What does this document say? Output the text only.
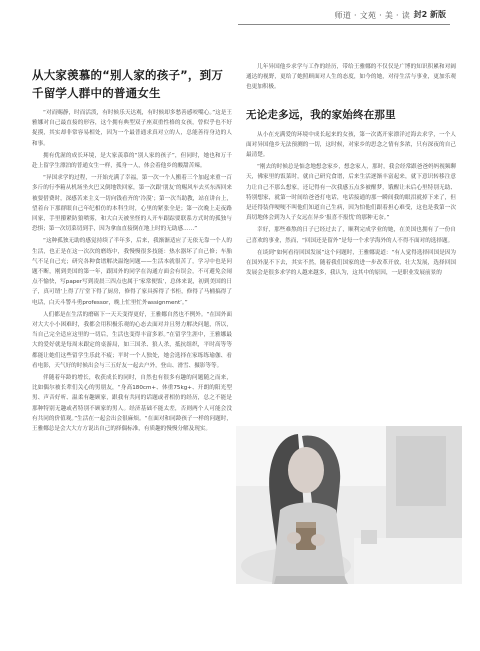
师道 · 文苑 · 美 · 读 封2 新版
从大家羡慕的“别人家的孩子”，到万千留学人群中的普通女生

“对而赐静，时而活泼，有时候乐天达观，有时候却多愁善感咬嘴心。”这是王雅娜对自己最直接的形容，这个拥有典型双子座双重性格的女孩，曾似乎也不好捉摸，其实却非常容易相处，因为一个最普通求真对立的人，总能善待身边的人和事。

拥有优渥的成长环境，是大家羡慕的“别人家的孩子”，但同时，她也和万千赴上留学生漂泊的普通女生一样，孤身一人，体会着他乡的酸甜苦辣。

“异国求学的过程，一开始充满了幸福，第一次一个人搬着三个加起来重一百多斤的行李箱从机场坐火巴又倒地铁回家，第一次跟‘朋友’的赐风车去买东西回来被要借费时，深感苦来主义一切向钱看齐的‘冷漠’；第一次当助教，站在讲台上，望着台下那群眼自己年纪相仿的本科生时，心里的紧张全是；第一次晚上走夜路回家，手里攥紧防狼喷雾，和大白天被坐怪的人开车跟踪要联系方式时的孤独与恐惧；第一次切菜切到手，因为拿血直接倒在地上时的无助感……”

“这种孤独无助的感觉持续了半年多，后来，我渐渐适应了无依无靠一个人的生活，也正是在这一次次的磨练中，我慢慢很多技能：热水器坏了自己修；车胎气不足自己充；研究各种食谱解决温饱问题——生活本就很苦了，学习中也是问题不断，刚到美国的第一年，跟国外的同学在沟通方面会有误会，不可避免会闹点不愉快，写paper写到凌晨三四点也属于‘家常便饭’，总体来说，初到美国的日子，真可谓‘上得了厅堂下得了厨房，修得了家具拆得了书柜，修得了马桶搞得了电话，白天斗警斗勇professor，晚上忙里忙外assignment’。”

人们都是在生活的磨砺下一天天变得更好，王雅娜自然也不例外。“在国外面对大大小小困难时，我都会用积极乐观的心态去面对并且努力解决问题，所以，当自己完全适应这里的一切后，生活也变得丰富多彩。”在留学生涯中，王雅娜最大的爱好就是每周末跟定的桌游局，如三国杀、狼人杀，抵抗组织，平时高等等都能让她们这些留学生乐此不疲；平时一个人独处，她会选择在家练练瑜伽、看看电影，天气好的时候出会与三五好友一起去户外，登山、滑雪、摄影等等。

伴随着年龄的增长，收获成长的同时，自然也有很多有趣的问题随之而来，比如偶尔被长辈们关心的男朋友，“身高180cm+、体重75kg+、开朗的阳光型男、声音好听、温柔有趣顾家，跟我有共同的话题或者相仿的经历，总之不能是那种特别无趣或者特别不顾家的男人。经济基础不能太差，否则两个人可能会没有共同的价值观。”生活在一起会出会很麻烦。“在面对和同龄孩子一样的问题时，王雅娜总是会大大方方说出自己的择偶标准，有质趣的慢慢分解及现实。

儿年异国他乡求学与工作的经历，带给王雅娜的不仅仅是广博的知识积累和对阔通达的视野，更给了她照顾面对人生的态度，如今的她，对待生活与事业，更加乐观也更加积极。

无论走多远，我的家始终在那里

从小在充满爱的环境中成长起来的女孩，第一次离开家漂洋过海去求学，一个人面对异国他乡无法预测的一切，这时候，对家乡的思念之情有多浓，只有深夜的自己最清楚。

“刚去的时候总是惦念地想念家乡，想念家人，那时，我会经常跟爸爸妈妈视频聊天，佛家里的饭菜时，就自己研究食谱，后来生活逐渐丰富起来，就下意识转移注意力让自己不那么想家，还记得有一次我感五点多被醒梦，饿醒让未后心里特别无助、特别想家，就第一时间给爸爸打电话，电话接通的那一瞬间我的眼泪就掉下来了，但是还得装佯哽哽不叫他们知道自己生病，因为怕他们跟着担心难受，这也是我第一次真切地体会到为人子女远在异乡‘报喜不报忧’的那种无奈。”

幸好，那些难熬的日子已经过去了，顺利完成学业的她，在美国也拥有了一份自己喜欢的事业，然而，“回国还是留外”是每一个求学海外的人不得不面对的选择题。

在谈到“如何看待回国发展”这个问题时，王雅娜说道：“有人觉得选择回国是因为在国外混不下去，其实不然，随着我们国家的进一步改革开放，壮大发展，选择回国发展会是很多求学的人越来越多，我认为，这其中的原因，一是职业发展前景的
